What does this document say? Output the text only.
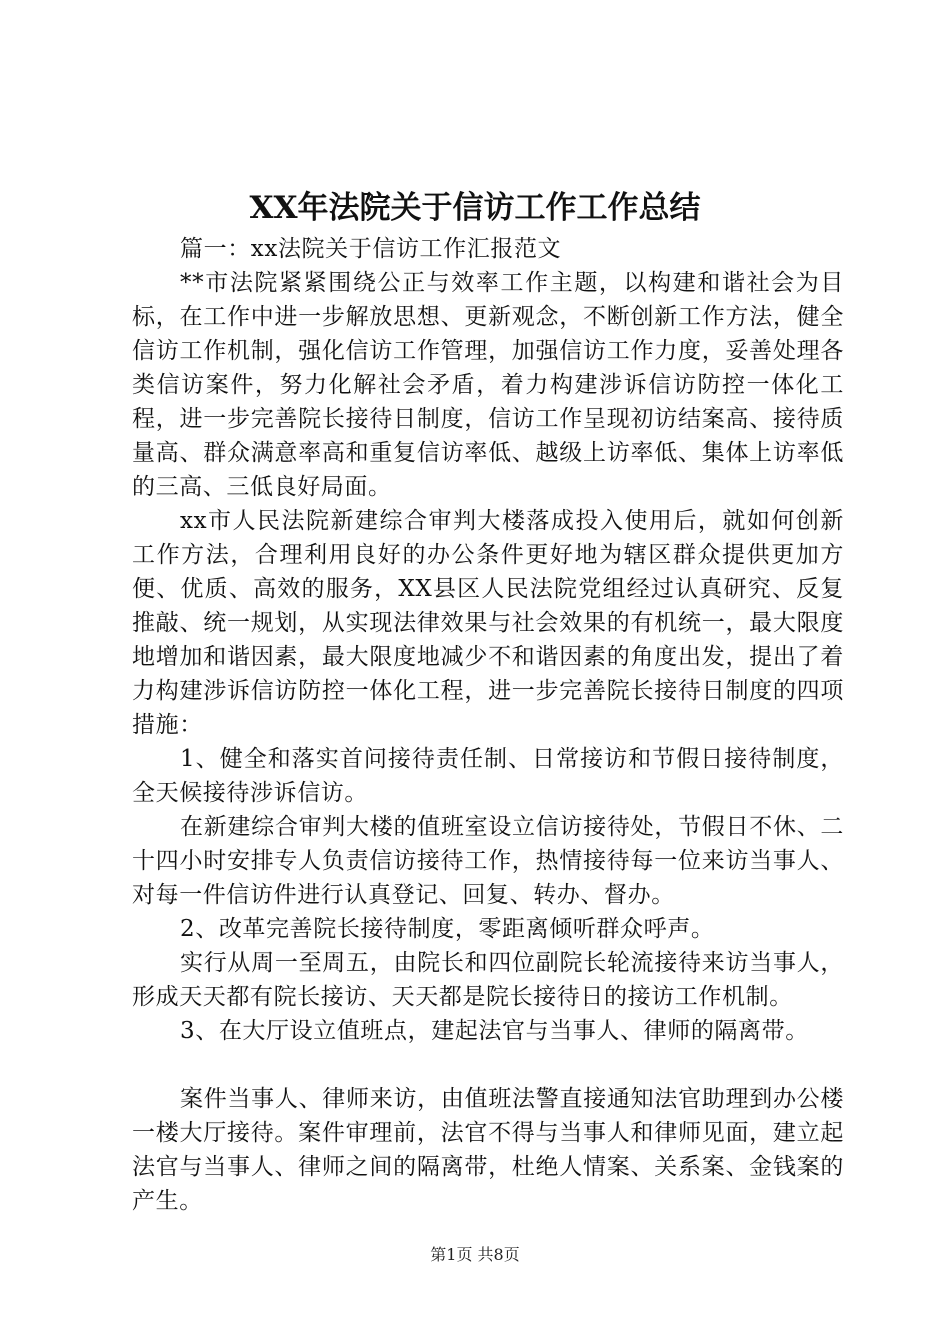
XX年法院关于信访工作工作总结

篇一：xx法院关于信访工作汇报范文

**市法院紧紧围绕公正与效率工作主题，以构建和谐社会为目标，在工作中进一步解放思想、更新观念，不断创新工作方法，健全信访工作机制，强化信访工作管理，加强信访工作力度，妥善处理各类信访案件，努力化解社会矛盾，着力构建涉诉信访防控一体化工程，进一步完善院长接待日制度，信访工作呈现初访结案高、接待质量高、群众满意率高和重复信访率低、越级上访率低、集体上访率低的三高、三低良好局面。

xx市人民法院新建综合审判大楼落成投入使用后，就如何创新工作方法，合理利用良好的办公条件更好地为辖区群众提供更加方便、优质、高效的服务，XX县区人民法院党组经过认真研究、反复推敲、统一规划，从实现法律效果与社会效果的有机统一，最大限度地增加和谐因素，最大限度地减少不和谐因素的角度出发，提出了着力构建涉诉信访防控一体化工程，进一步完善院长接待日制度的四项措施：

1、健全和落实首问接待责任制、日常接访和节假日接待制度，全天候接待涉诉信访。

在新建综合审判大楼的值班室设立信访接待处，节假日不休、二十四小时安排专人负责信访接待工作，热情接待每一位来访当事人、对每一件信访件进行认真登记、回复、转办、督办。

2、改革完善院长接待制度，零距离倾听群众呼声。

实行从周一至周五，由院长和四位副院长轮流接待来访当事人，形成天天都有院长接访、天天都是院长接待日的接访工作机制。

3、在大厅设立值班点，建起法官与当事人、律师的隔离带。

案件当事人、律师来访，由值班法警直接通知法官助理到办公楼一楼大厅接待。案件审理前，法官不得与当事人和律师见面，建立起法官与当事人、律师之间的隔离带，杜绝人情案、关系案、金钱案的产生。

第1页 共8页
